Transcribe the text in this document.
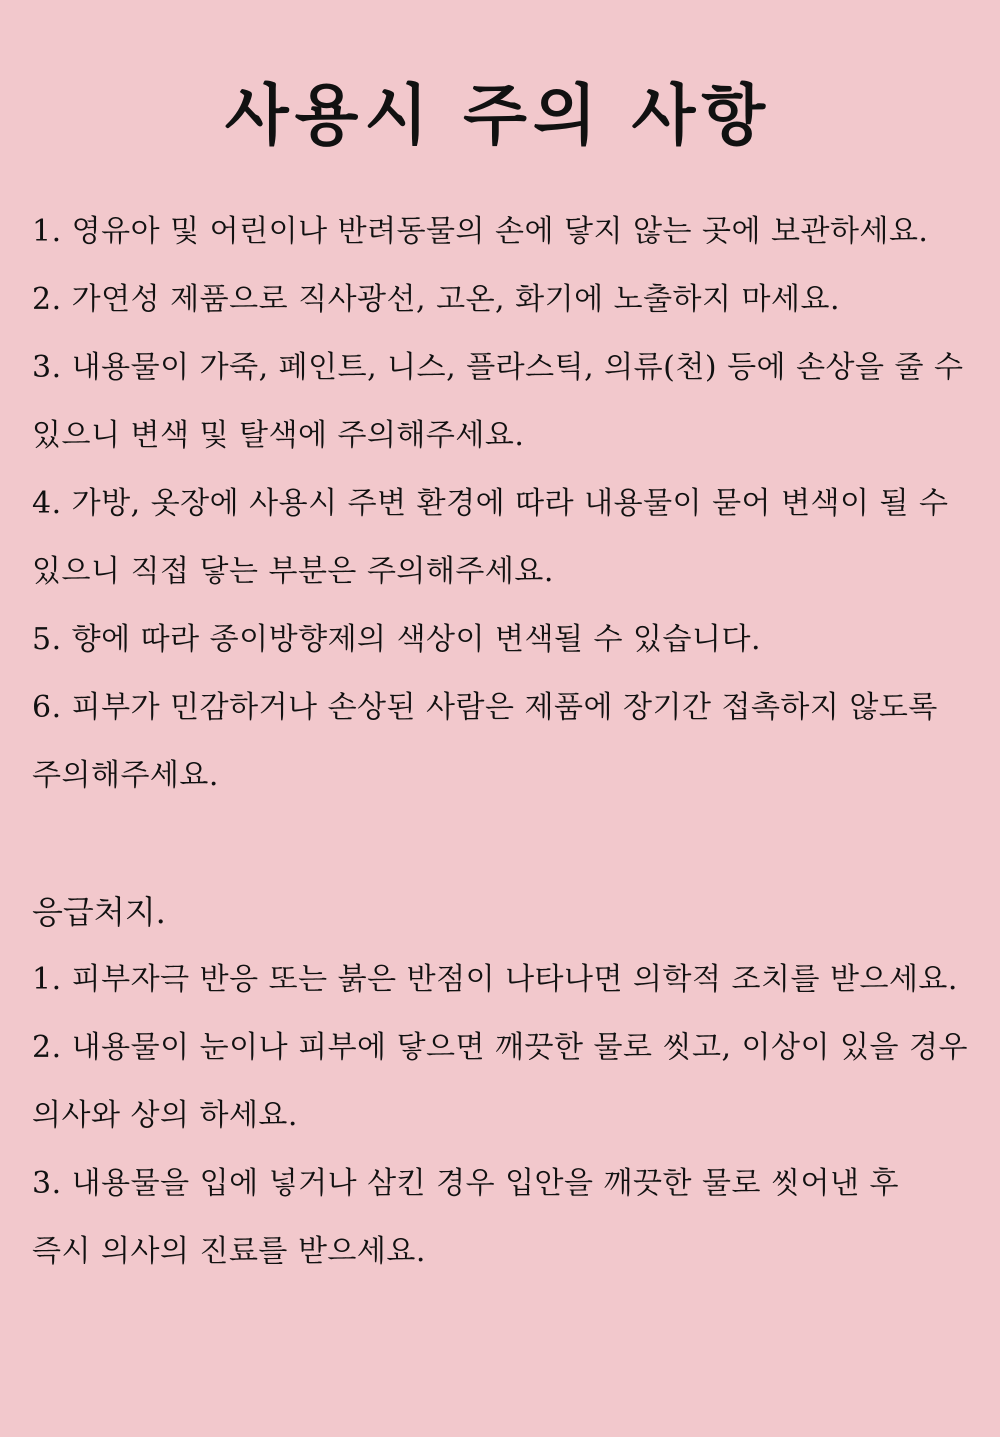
사용시 주의 사항
1. 영유아 및 어린이나 반려동물의 손에 닿지 않는 곳에 보관하세요.
2. 가연성 제품으로 직사광선, 고온, 화기에 노출하지 마세요.
3. 내용물이 가죽, 페인트, 니스, 플라스틱, 의류(천) 등에 손상을 줄 수
있으니 변색 및 탈색에 주의해주세요.
4. 가방, 옷장에 사용시 주변 환경에 따라 내용물이 묻어 변색이 될 수
있으니 직접 닿는 부분은 주의해주세요.
5. 향에 따라 종이방향제의 색상이 변색될 수 있습니다.
6. 피부가 민감하거나 손상된 사람은 제품에 장기간 접촉하지 않도록
주의해주세요.
응급처지.
1. 피부자극 반응 또는 붉은 반점이 나타나면 의학적 조치를 받으세요.
2. 내용물이 눈이나 피부에 닿으면 깨끗한 물로 씻고, 이상이 있을 경우
의사와 상의 하세요.
3. 내용물을 입에 넣거나 삼킨 경우 입안을 깨끗한 물로 씻어낸 후
즉시 의사의 진료를 받으세요.
